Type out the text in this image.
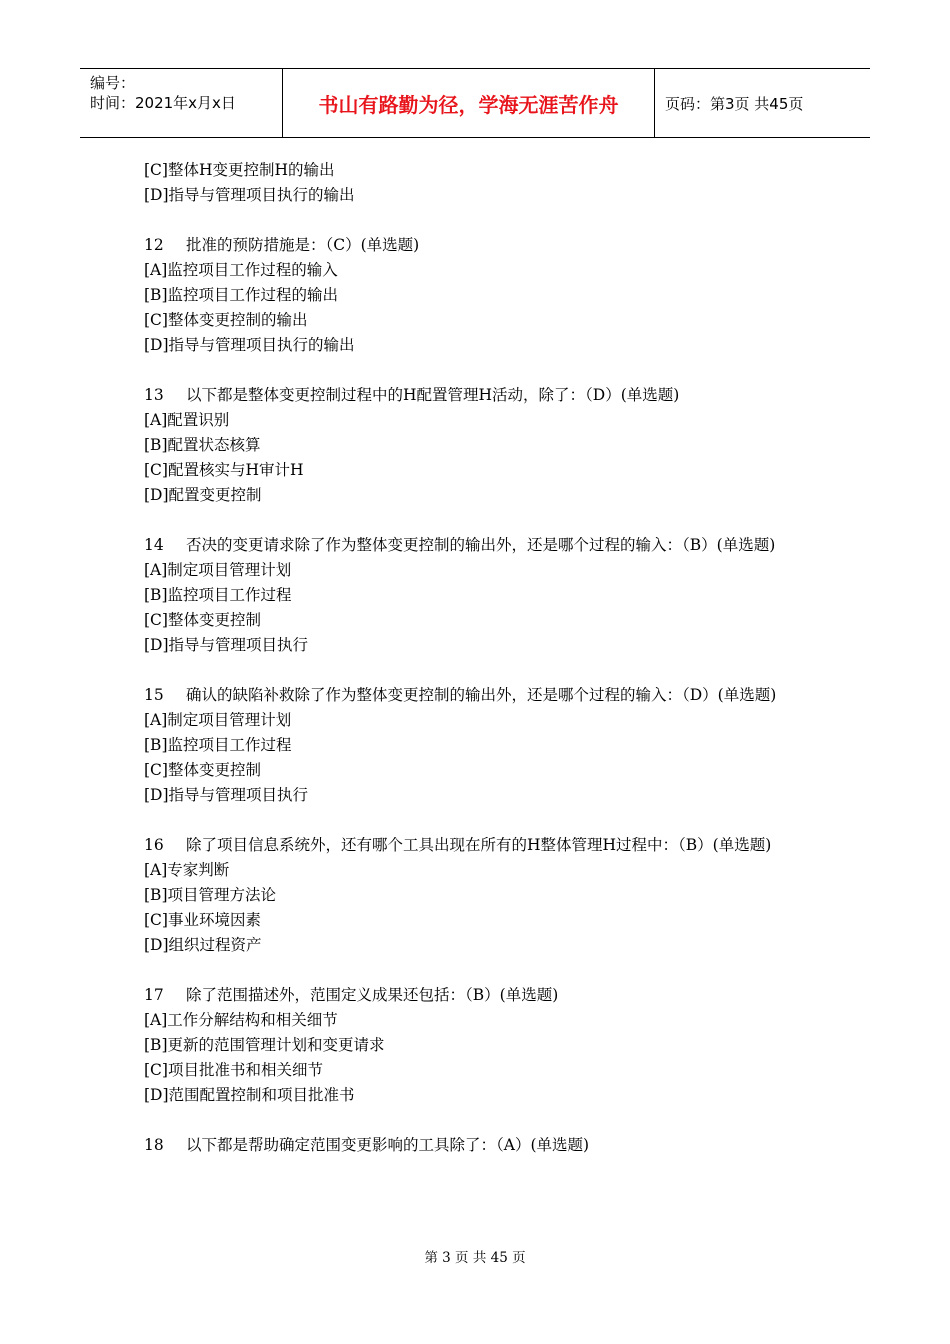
编号：
时间：2021年x月x日	书山有路勤为径，学海无涯苦作舟	页码：第3页 共45页

[C]整体H变更控制H的输出

[D]指导与管理项目执行的输出

12 批准的预防措施是：（C）(单选题)

[A]监控项目工作过程的输入

[B]监控项目工作过程的输出

[C]整体变更控制的输出

[D]指导与管理项目执行的输出

13 以下都是整体变更控制过程中的H配置管理H活动，除了：（D）(单选题)

[A]配置识别

[B]配置状态核算

[C]配置核实与H审计H

[D]配置变更控制

14 否决的变更请求除了作为整体变更控制的输出外，还是哪个过程的输入：（B）(单选题)

[A]制定项目管理计划

[B]监控项目工作过程

[C]整体变更控制

[D]指导与管理项目执行

15 确认的缺陷补救除了作为整体变更控制的输出外，还是哪个过程的输入：（D）(单选题)

[A]制定项目管理计划

[B]监控项目工作过程

[C]整体变更控制

[D]指导与管理项目执行

16 除了项目信息系统外，还有哪个工具出现在所有的H整体管理H过程中：（B）(单选题)

[A]专家判断

[B]项目管理方法论

[C]事业环境因素

[D]组织过程资产

17 除了范围描述外，范围定义成果还包括：（B）(单选题)

[A]工作分解结构和相关细节

[B]更新的范围管理计划和变更请求

[C]项目批准书和相关细节

[D]范围配置控制和项目批准书

18 以下都是帮助确定范围变更影响的工具除了：（A）(单选题)

第 3 页 共 45 页
